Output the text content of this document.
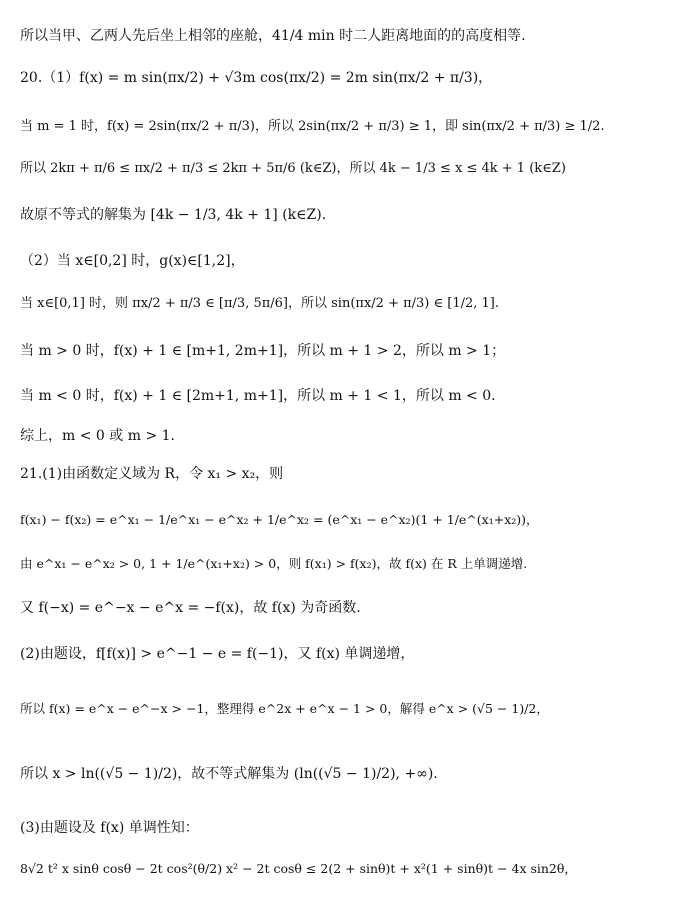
所以当甲、乙两人先后坐上相邻的座舱，41/4 min 时二人距离地面的的高度相等.
20.（1）f(x) = m sin(πx/2) + √3m cos(πx/2) = 2m sin(πx/2 + π/3)，
当 m = 1 时，f(x) = 2sin(πx/2 + π/3)，所以 2sin(πx/2 + π/3) ≥ 1，即 sin(πx/2 + π/3) ≥ 1/2.
所以 2kπ + π/6 ≤ πx/2 + π/3 ≤ 2kπ + 5π/6 (k∈Z)，所以 4k − 1/3 ≤ x ≤ 4k + 1 (k∈Z)
故原不等式的解集为 [4k − 1/3, 4k + 1] (k∈Z).
（2）当 x∈[0,2] 时，g(x)∈[1,2]，
当 x∈[0,1] 时，则 πx/2 + π/3 ∈ [π/3, 5π/6]，所以 sin(πx/2 + π/3) ∈ [1/2, 1].
当 m > 0 时，f(x) + 1 ∈ [m+1, 2m+1]，所以 m + 1 > 2，所以 m > 1；
当 m < 0 时，f(x) + 1 ∈ [2m+1, m+1]，所以 m + 1 < 1，所以 m < 0.
综上，m < 0 或 m > 1.
21.(1)由函数定义域为 R，令 x₁ > x₂，则
f(x₁) − f(x₂) = e^x₁ − 1/e^x₁ − e^x₂ + 1/e^x₂ = (e^x₁ − e^x₂)(1 + 1/e^(x₁+x₂))，
由 e^x₁ − e^x₂ > 0, 1 + 1/e^(x₁+x₂) > 0，则 f(x₁) > f(x₂)，故 f(x) 在 R 上单调递增.
又 f(−x) = e^−x − e^x = −f(x)，故 f(x) 为奇函数.
(2)由题设，f[f(x)] > e^−1 − e = f(−1)，又 f(x) 单调递增，
所以 f(x) = e^x − e^−x > −1，整理得 e^2x + e^x − 1 > 0，解得 e^x > (√5 − 1)/2，
所以 x > ln((√5 − 1)/2)，故不等式解集为 (ln((√5 − 1)/2), +∞).
(3)由题设及 f(x) 单调性知：
8√2 t² x sinθ cosθ − 2t cos²(θ/2) x² − 2t cosθ ≤ 2(2 + sinθ)t + x²(1 + sinθ)t − 4x sin2θ，
